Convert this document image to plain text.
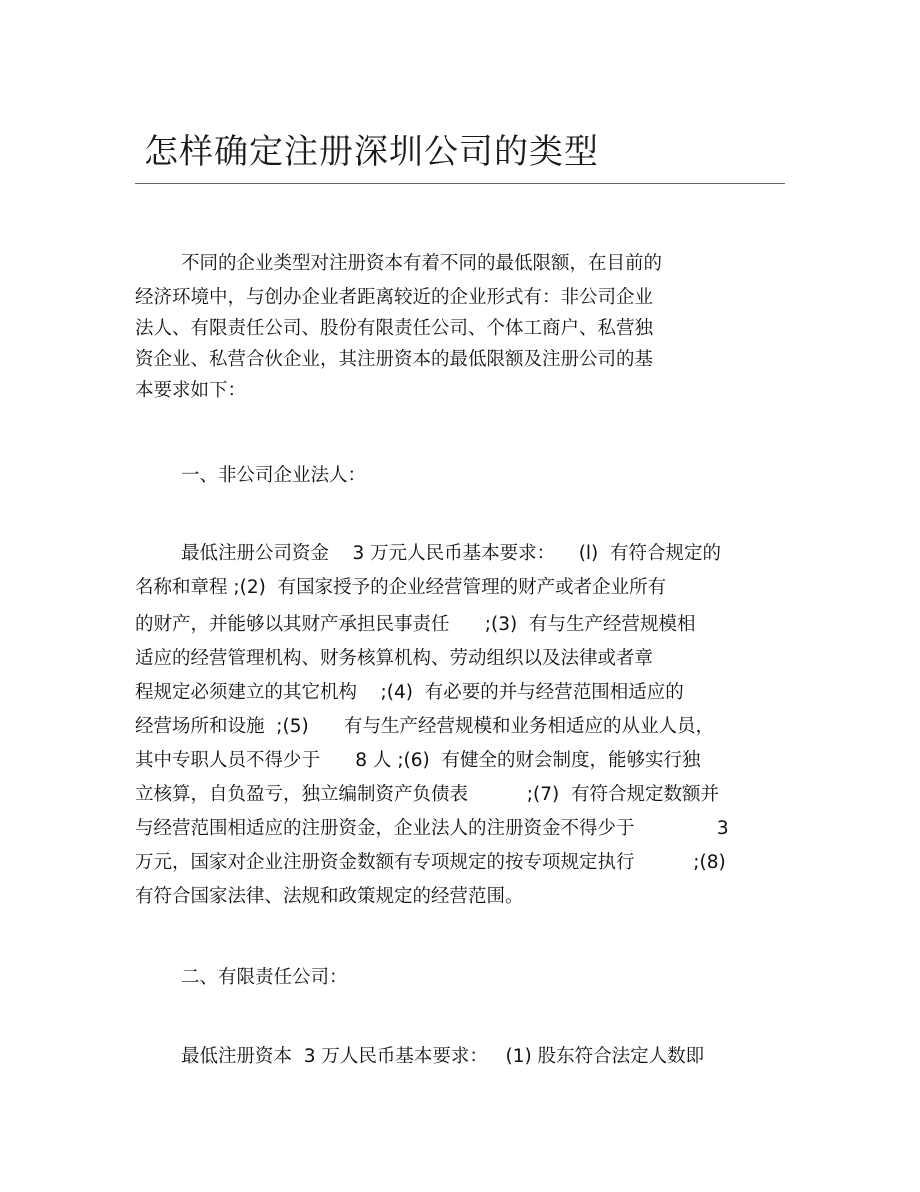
怎样确定注册深圳公司的类型
不同的企业类型对注册资本有着不同的最低限额，在目前的
经济环境中，与创办企业者距离较近的企业形式有：非公司企业
法人、有限责任公司、股份有限责任公司、个体工商户、私营独
资企业、私营合伙企业，其注册资本的最低限额及注册公司的基
本要求如下：
一、非公司企业法人：
最低注册公司资金    3 万元人民币基本要求：    (l)  有符合规定的
名称和章程 ;(2)  有国家授予的企业经营管理的财产或者企业所有
的财产，并能够以其财产承担民事责任      ;(3)  有与生产经营规模相
适应的经营管理机构、财务核算机构、劳动组织以及法律或者章
程规定必须建立的其它机构    ;(4)  有必要的并与经营范围相适应的
经营场所和设施  ;(5)      有与生产经营规模和业务相适应的从业人员，
其中专职人员不得少于      8 人 ;(6)  有健全的财会制度，能够实行独
立核算，自负盈亏，独立编制资产负债表          ;(7)  有符合规定数额并
与经营范围相适应的注册资金，企业法人的注册资金不得少于              3
万元，国家对企业注册资金数额有专项规定的按专项规定执行          ;(8)
有符合国家法律、法规和政策规定的经营范围。
二、有限责任公司：
最低注册资本  3 万人民币基本要求：   (1) 股东符合法定人数即
